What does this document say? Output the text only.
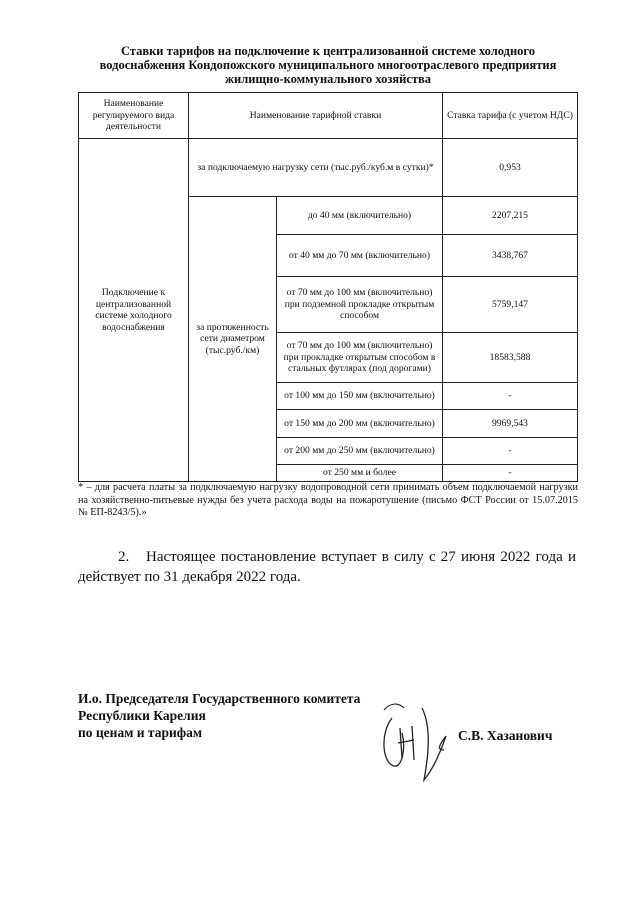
Ставки тарифов на подключение к централизованной системе холодного водоснабжения Кондопожского муниципального многоотраслевого предприятия жилищно-коммунального хозяйства
Наименование регулируемого вида деятельности	Наименование тарифной ставки		Ставка тарифа (с учетом НДС)
Подключение к централизованной системе холодного водоснабжения	за подключаемую нагрузку сети (тыс.руб./куб.м в сутки)*		0,953
	за протяженность сети диаметром (тыс.руб./км)	до 40 мм (включительно)	2207,215
		от 40 мм до 70 мм (включительно)	3438,767
		от 70 мм до 100 мм (включительно) при подземной прокладке открытым способом	5759,147
		от 70 мм до 100 мм (включительно) при прокладке открытым способом в стальных футлярах (под дорогами)	18583,588
		от 100 мм до 150 мм (включительно)	-
		от 150 мм до 200 мм (включительно)	9969,543
		от 200 мм до 250 мм (включительно)	-
		от 250 мм и более	-
* – для расчета платы за подключаемую нагрузку водопроводной сети принимать объем подключаемой нагрузки на хозяйственно-питьевые нужды без учета расхода воды на пожаротушение (письмо ФСТ России от 15.07.2015 № ЕП-8243/5).»
2. Настоящее постановление вступает в силу с 27 июня 2022 года и действует по 31 декабря 2022 года.
И.о. Председателя Государственного комитета
Республики Карелия
по ценам и тарифам	С.В. Хазанович
